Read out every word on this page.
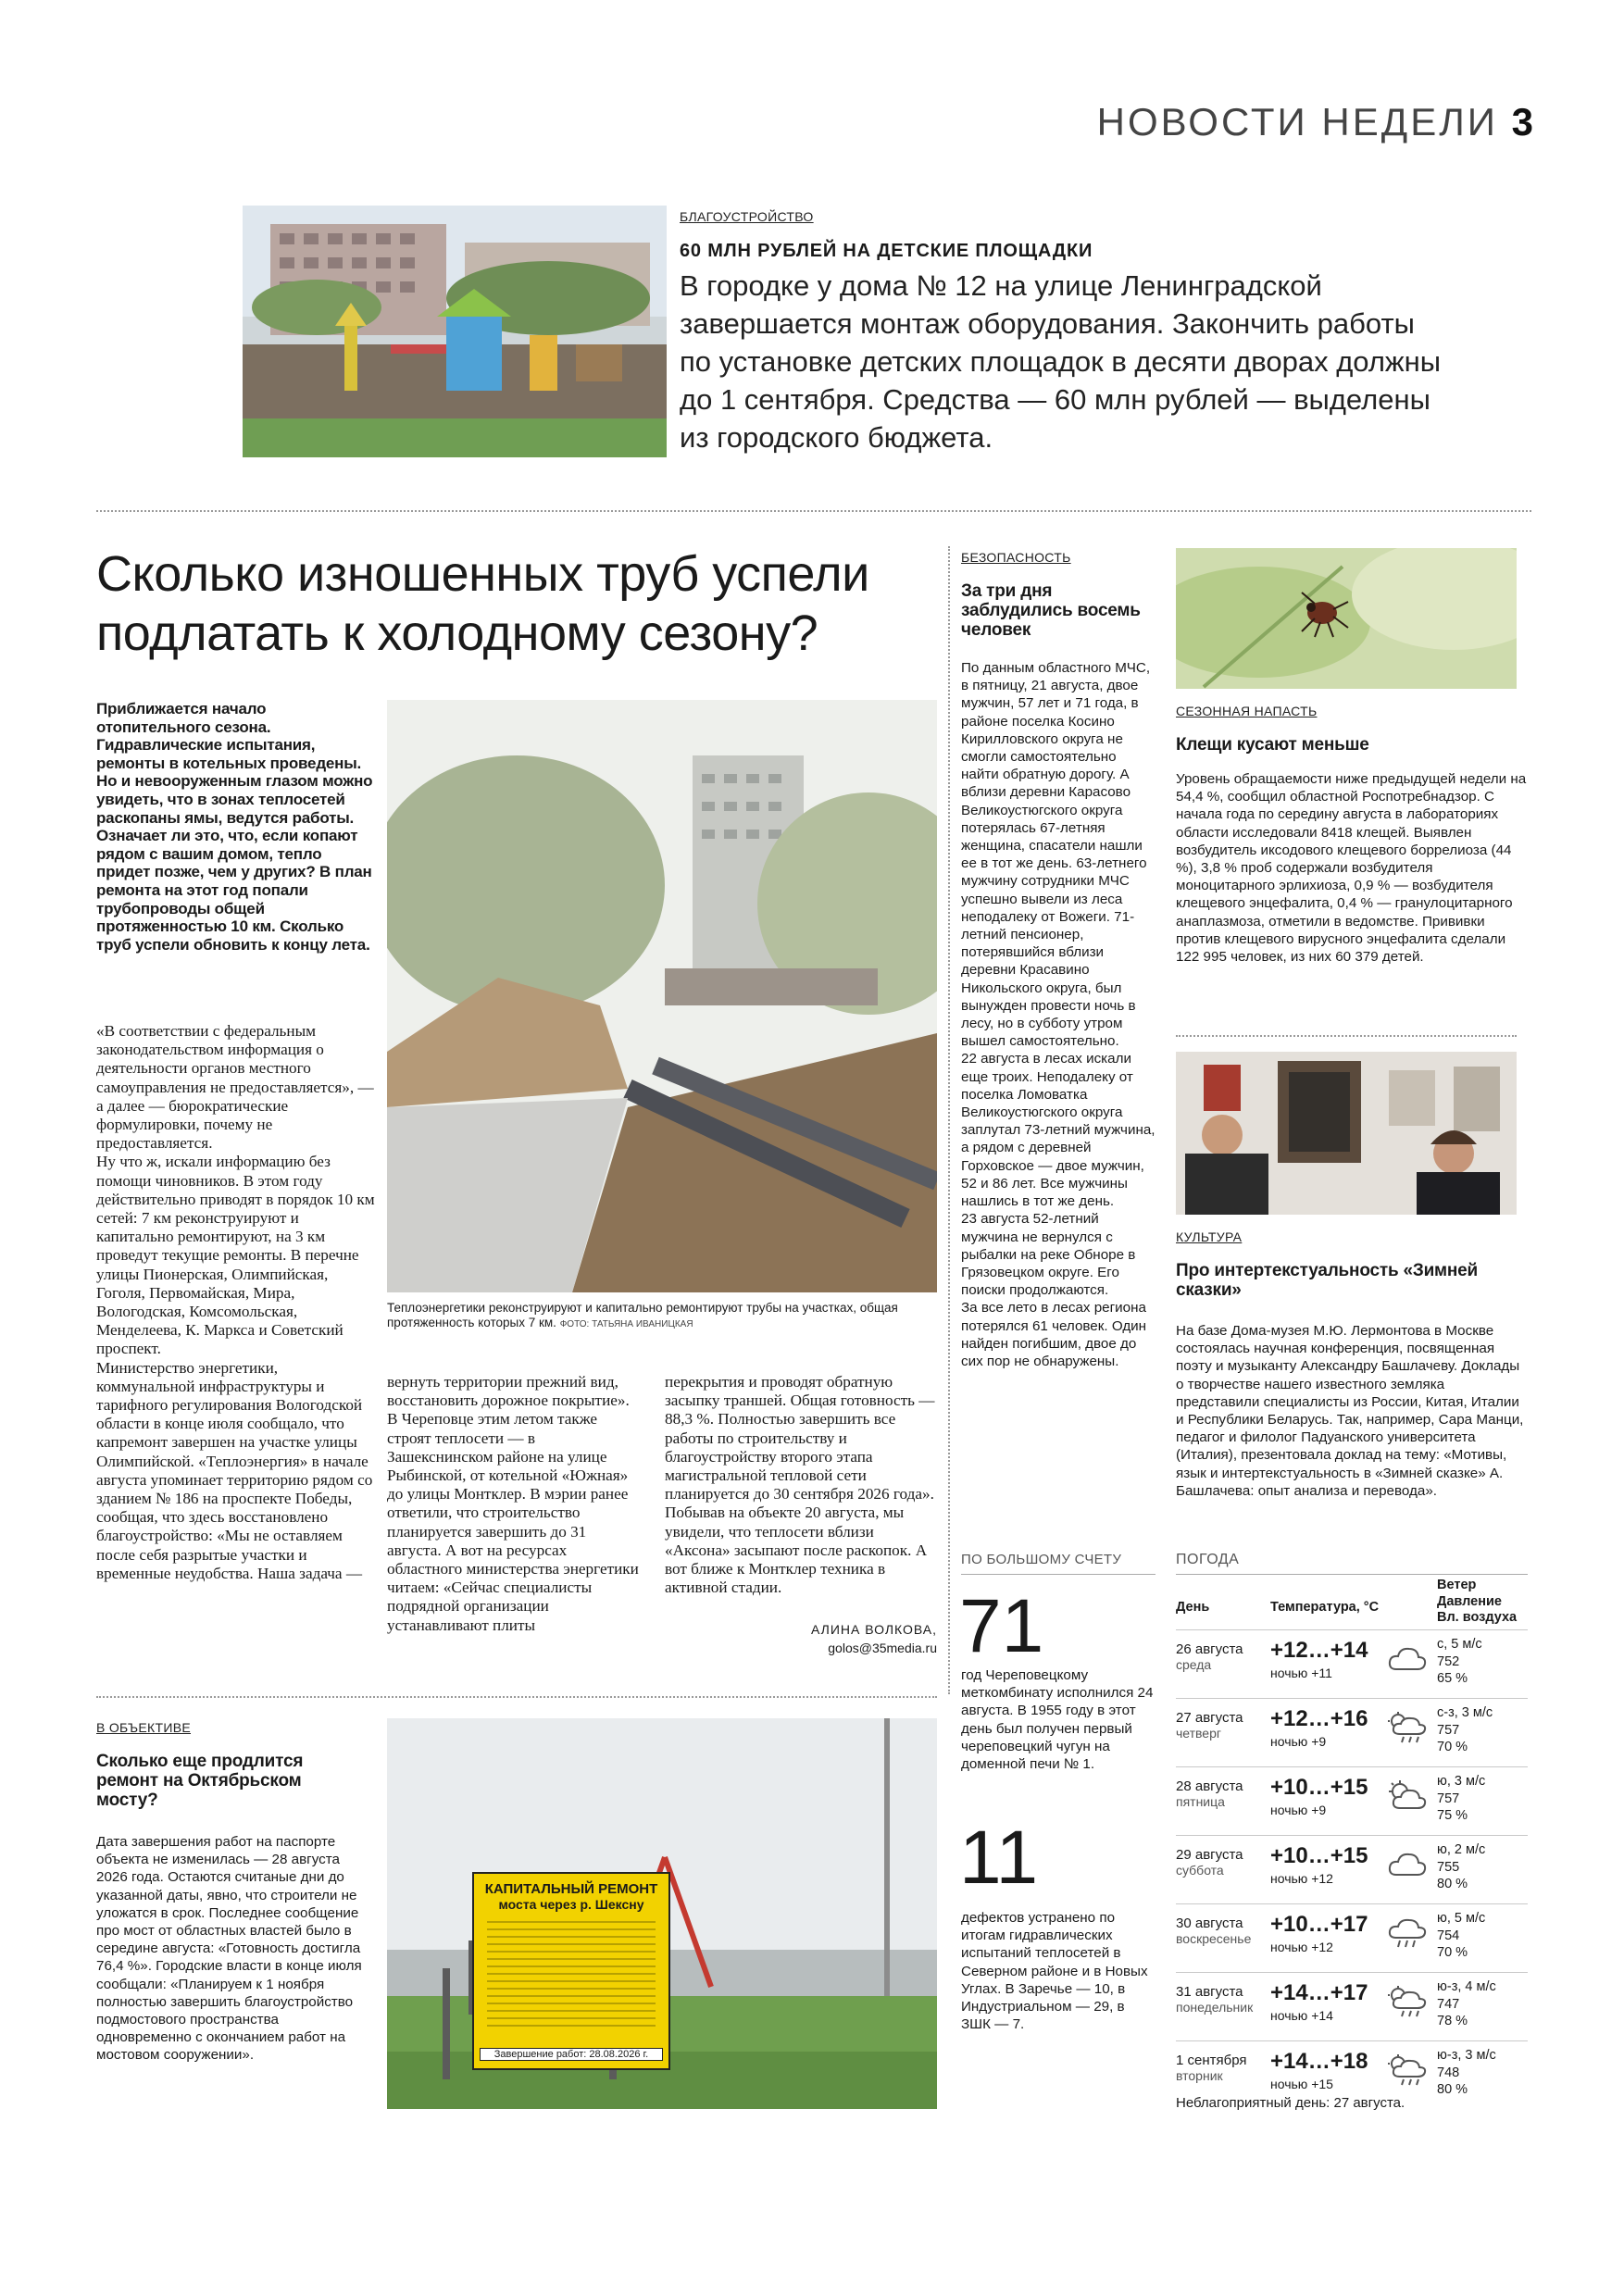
НОВОСТИ НЕДЕЛИ 3
БЛАГОУСТРОЙСТВО
60 МЛН РУБЛЕЙ НА ДЕТСКИЕ ПЛОЩАДКИ
В городке у дома № 12 на улице Ленинградской завершается монтаж оборудования. Закончить работы по установке детских площадок в десяти дворах должны до 1 сентября. Средства — 60 млн рублей — выделены из городского бюджета.
Сколько изношенных труб успели подлатать к холодному сезону?
Приближается начало отопительного сезона. Гидравлические испытания, ремонты в котельных проведены. Но и невооруженным глазом можно увидеть, что в зонах теплосетей раскопаны ямы, ведутся работы. Означает ли это, что, если копают рядом с вашим домом, тепло придет позже, чем у других? В план ремонта на этот год попали трубопроводы общей протяженностью 10 км. Сколько труб успели обновить к концу лета.
Теплоэнергетики реконструируют и капитально ремонтируют трубы на участках, общая протяженность которых 7 км. ФОТО: ТАТЬЯНА ИВАНИЦКАЯ
«В соответствии с федеральным законодательством информация о деятельности органов местного самоуправления не предоставляется», — а далее — бюрократические формулировки, почему не предоставляется.
Ну что ж, искали информацию без помощи чиновников. В этом году действительно приводят в порядок 10 км сетей: 7 км реконструируют и капитально ремонтируют, на 3 км проведут текущие ремонты. В перечне улицы Пионерская, Олимпийская, Гоголя, Первомайская, Мира, Вологодская, Комсомольская, Менделеева, К. Маркса и Советский проспект.
Министерство энергетики, коммунальной инфраструктуры и тарифного регулирования Вологодской области в конце июля сообщало, что капремонт завершен на участке улицы Олимпийской. «Теплоэнергия» в начале августа упоминает территорию рядом со зданием № 186 на проспекте Победы, сообщая, что здесь восстановлено благоустройство: «Мы не оставляем после себя разрытые участки и временные неудобства. Наша задача —
вернуть территории прежний вид, восстановить дорожное покрытие».
В Череповце этим летом также строят теплосети — в Зашекснинском районе на улице Рыбинской, от котельной «Южная» до улицы Монтклер. В мэрии ранее ответили, что строительство планируется завершить до 31 августа. А вот на ресурсах областного министерства энергетики читаем: «Сейчас специалисты подрядной организации устанавливают плиты
перекрытия и проводят обратную засыпку траншей. Общая готовность — 88,3 %. Полностью завершить все работы по строительству и благоустройству второго этапа магистральной тепловой сети планируется до 30 сентября 2026 года». Побывав на объекте 20 августа, мы увидели, что теплосети вблизи «Аксона» засыпают после раскопок. А вот ближе к Монтклер техника в активной стадии.
АЛИНА ВОЛКОВА,
golos@35media.ru
БЕЗОПАСНОСТЬ
За три дня заблудились восемь человек
По данным областного МЧС, в пятницу, 21 августа, двое мужчин, 57 лет и 71 года, в районе поселка Косино Кирилловского округа не смогли самостоятельно найти обратную дорогу. А вблизи деревни Карасово Великоустюгского округа потерялась 67-летняя женщина, спасатели нашли ее в тот же день. 63-летнего мужчину сотрудники МЧС успешно вывели из леса неподалеку от Вожеги. 71-летний пенсионер, потерявшийся вблизи деревни Красавино Никольского округа, был вынужден провести ночь в лесу, но в субботу утром вышел самостоятельно.
22 августа в лесах искали еще троих. Неподалеку от поселка Ломоватка Великоустюгского округа заплутал 73-летний мужчина, а рядом с деревней Горховское — двое мужчин, 52 и 86 лет. Все мужчины нашлись в тот же день.
23 августа 52-летний мужчина не вернулся с рыбалки на реке Обноре в Грязовецком округе. Его поиски продолжаются.
За все лето в лесах региона потерялся 61 человек. Один найден погибшим, двое до сих пор не обнаружены.
СЕЗОННАЯ НАПАСТЬ
Клещи кусают меньше
Уровень обращаемости ниже предыдущей недели на 54,4 %, сообщил областной Роспотребнадзор. С начала года по середину августа в лабораториях области исследовали 8418 клещей. Выявлен возбудитель иксодового клещевого боррелиоза (44 %), 3,8 % проб содержали возбудителя моноцитарного эрлихиоза, 0,9 % — возбудителя клещевого энцефалита, 0,4 % — гранулоцитарного анаплазмоза, отметили в ведомстве. Прививки против клещевого вирусного энцефалита сделали 122 995 человек, из них 60 379 детей.
КУЛЬТУРА
Про интертекстуальность «Зимней сказки»
На базе Дома-музея М.Ю. Лермонтова в Москве состоялась научная конференция, посвященная поэту и музыканту Александру Башлачеву. Доклады о творчестве нашего известного земляка представили специалисты из России, Китая, Италии и Республики Беларусь. Так, например, Сара Манци, педагог и филолог Падуанского университета (Италия), презентовала доклад на тему: «Мотивы, язык и интертекстуальность в «Зимней сказке» А. Башлачева: опыт анализа и перевода».
В ОБЪЕКТИВЕ
Сколько еще продлится ремонт на Октябрьском мосту?
Дата завершения работ на паспорте объекта не изменилась — 28 августа 2026 года. Остаются считаные дни до указанной даты, явно, что строители не уложатся в срок. Последнее сообщение про мост от областных властей было в середине августа: «Готовность достигла 76,4 %». Городские власти в конце июля сообщали: «Планируем к 1 ноября полностью завершить благоустройство подмостового пространства одновременно с окончанием работ на мостовом сооружении».
КАПИТАЛЬНЫЙ РЕМОНТ
моста через р. Шексну
Завершение работ: 28.08.2026 г.
ПО БОЛЬШОМУ СЧЕТУ
71
год Череповецкому меткомбинату исполнился 24 августа. В 1955 году в этот день был получен первый череповецкий чугун на доменной печи № 1.
11
дефектов устранено по итогам гидравлических испытаний теплосетей в Северном районе и в Новых Углах. В Заречье — 10, в Индустриальном — 29, в ЗШК — 7.
ПОГОДА
День	Температура, °С
Ветер
Давление
Вл. воздуха
26 августа
среда
+12…+14
ночью +11
с, 5 м/с
752
65 %
27 августа
четверг
+12…+16
ночью +9
с-з, 3 м/с
757
70 %
28 августа
пятница
+10…+15
ночью +9
ю, 3 м/с
757
75 %
29 августа
суббота
+10…+15
ночью +12
ю, 2 м/с
755
80 %
30 августа
воскресенье
+10…+17
ночью +12
ю, 5 м/с
754
70 %
31 августа
понедельник
+14…+17
ночью +14
ю-з, 4 м/с
747
78 %
1 сентября
вторник
+14…+18
ночью +15
ю-з, 3 м/с
748
80 %
Неблагоприятный день: 27 августа.
